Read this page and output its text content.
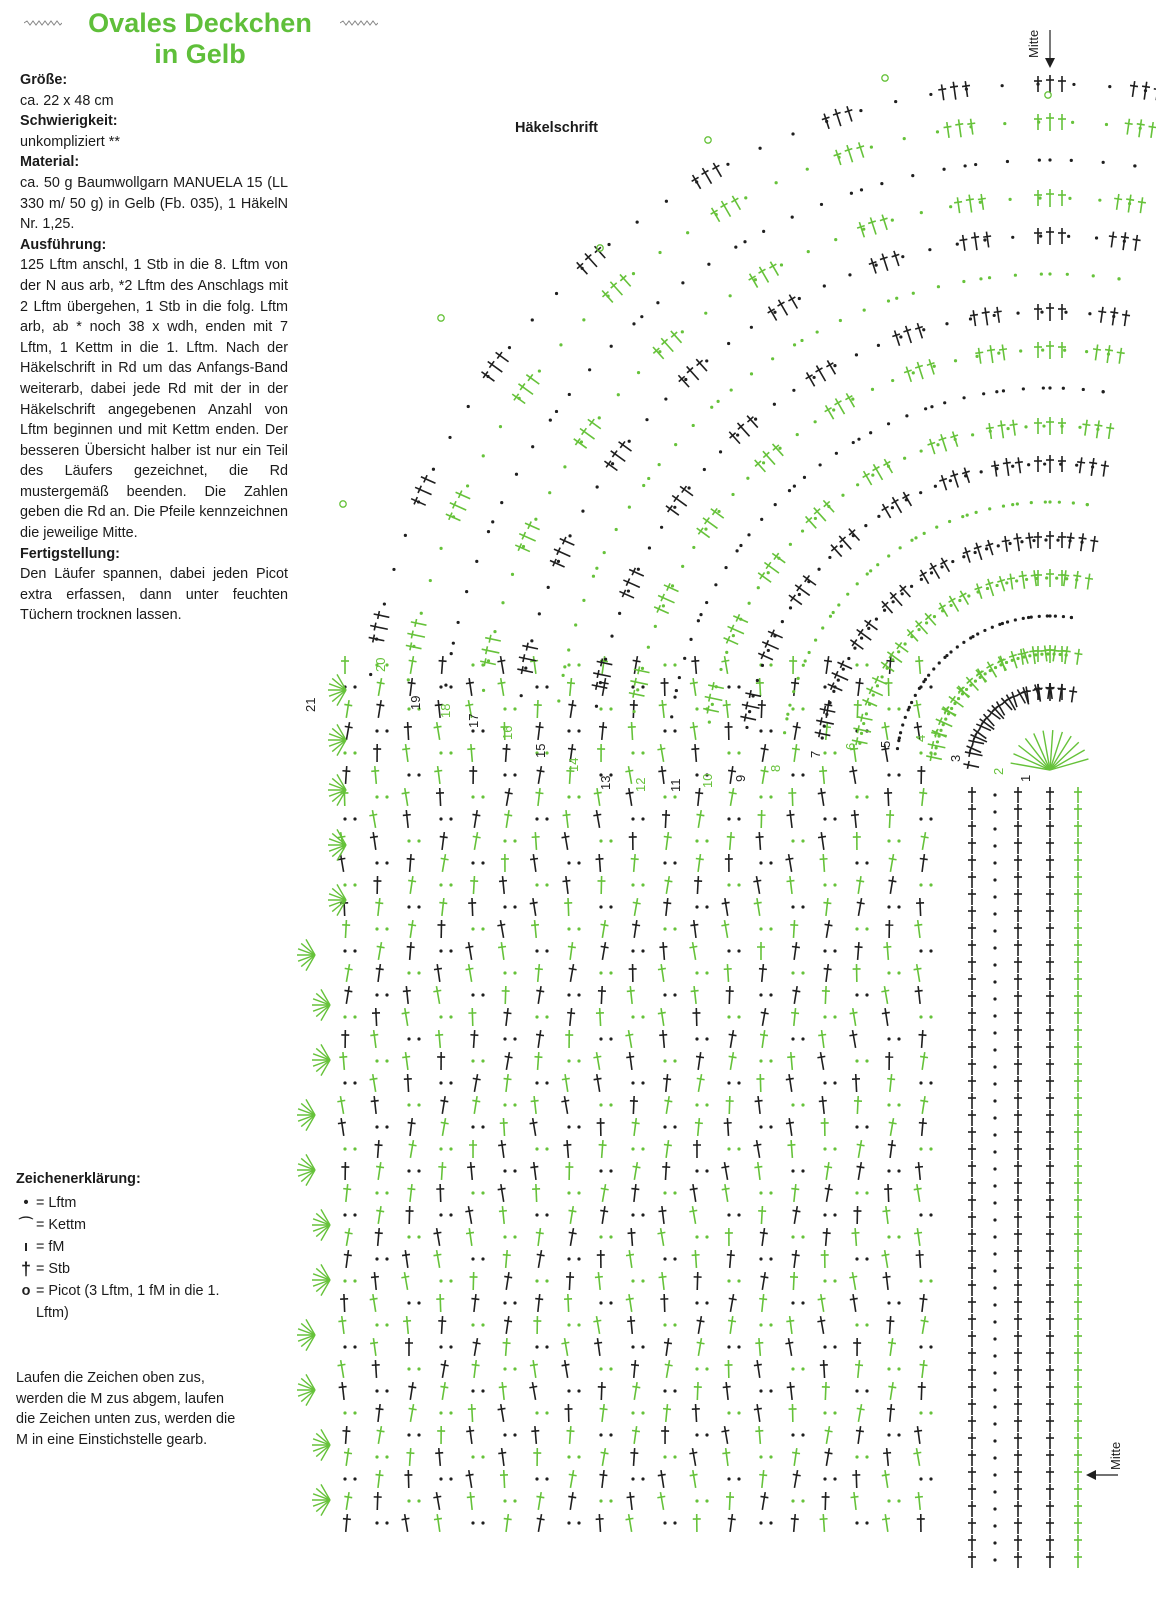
Ovales Deckchen
in Gelb
Größe:
ca. 22 x 48 cm
Schwierigkeit:
unkompliziert **
Material:
ca. 50 g Baumwollgarn MANUELA 15 (LL 330 m/ 50 g) in Gelb (Fb. 035), 1 HäkelN Nr. 1,25.
Ausführung:
125 Lftm anschl, 1 Stb in die 8. Lftm von der N aus arb, *2 Lftm des Anschlags mit 2 Lftm übergehen, 1 Stb in die folg. Lftm arb, ab * noch 38 x wdh, enden mit 7 Lftm, 1 Kettm in die 1. Lftm. Nach der Häkelschrift in Rd um das Anfangs-Band weiterarb, dabei jede Rd mit der in der Häkelschrift angegebenen Anzahl von Lftm beginnen und mit Kettm enden. Der besseren Übersicht halber ist nur ein Teil des Läufers gezeichnet, die Rd mustergemäß beenden. Die Zahlen geben die Rd an. Die Pfeile kennzeichnen die jeweilige Mitte.
Fertigstellung:
Den Läufer spannen, dabei jeden Picot extra erfassen, dann unter feuchten Tüchern trocknen lassen.
Zeichenerklärung:
• = Lftm
⌒ = Kettm
ı = fM
† = Stb
o = Picot (3 Lftm, 1 fM in die 1. Lftm)
Laufen die Zeichen oben zus, werden die M zus abgem, laufen die Zeichen unten zus, werden die M in eine Einstichstelle gearb.
Häkelschrift
Mitte
Mitte
1
2
3
4
5
6
7
8
9
10
11
12
13
14
15
16
17
18
19
20
21
